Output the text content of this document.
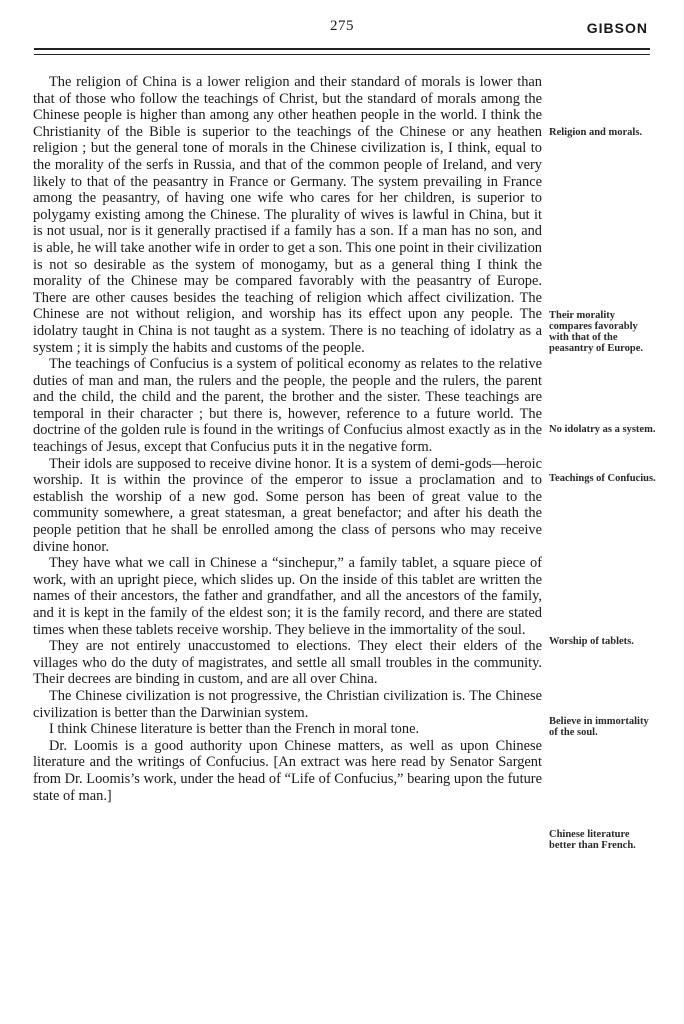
275	GIBSON

The religion of China is a lower religion and their standard of morals is lower than that of those who follow the teachings of Christ, but the standard of morals among the Chinese people is higher than among any other heathen people in the world. I think the Christianity of the Bible is superior to the teachings of the Chinese or any heathen religion ; but the general tone of morals in the Chinese civilization is, I think, equal to the morality of the serfs in Russia, and that of the common people of Ireland, and very likely to that of the peasantry in France or Germany. The system prevailing in France among the peasantry, of having one wife who cares for her children, is superior to polygamy existing among the Chinese. The plurality of wives is lawful in China, but it is not usual, nor is it generally practised if a family has a son. If a man has no son, and is able, he will take another wife in order to get a son. This one point in their civilization is not so desirable as the system of monogamy, but as a general thing I think the morality of the Chinese may be compared favorably with the peasantry of Europe. There are other causes besides the teaching of religion which affect civilization. The Chinese are not without religion, and worship has its effect upon any people. The idolatry taught in China is not taught as a system. There is no teaching of idolatry as a system ; it is simply the habits and customs of the people.

The teachings of Confucius is a system of political economy as relates to the relative duties of man and man, the rulers and the people, the people and the rulers, the parent and the child, the child and the parent, the brother and the sister. These teachings are temporal in their character ; but there is, however, reference to a future world. The doctrine of the golden rule is found in the writings of Confucius almost exactly as in the teachings of Jesus, except that Confucius puts it in the negative form.

Their idols are supposed to receive divine honor. It is a system of demi-gods—heroic worship. It is within the province of the emperor to issue a proclamation and to establish the worship of a new god. Some person has been of great value to the community somewhere, a great statesman, a great benefactor; and after his death the people petition that he shall be enrolled among the class of persons who may receive divine honor.

They have what we call in Chinese a “sinchepur,” a family tablet, a square piece of work, with an upright piece, which slides up. On the inside of this tablet are written the names of their ancestors, the father and grandfather, and all the ancestors of the family, and it is kept in the family of the eldest son; it is the family record, and there are stated times when these tablets receive worship. They believe in the immortality of the soul.

They are not entirely unaccustomed to elections. They elect their elders of the villages who do the duty of magistrates, and settle all small troubles in the community. Their decrees are binding in custom, and are all over China.

The Chinese civilization is not progressive, the Christian civilization is. The Chinese civilization is better than the Darwinian system.

I think Chinese literature is better than the French in moral tone.

Dr. Loomis is a good authority upon Chinese matters, as well as upon Chinese literature and the writings of Confucius. [An extract was here read by Senator Sargent from Dr. Loomis’s work, under the head of “Life of Confucius,” bearing upon the future state of man.]

Religion and morals.
Their morality compares favorably with that of the peasantry of Europe.
No idolatry as a system.
Teachings of Confucius.
Worship of tablets.
Believe in immortality of the soul.
Chinese literature better than French.
